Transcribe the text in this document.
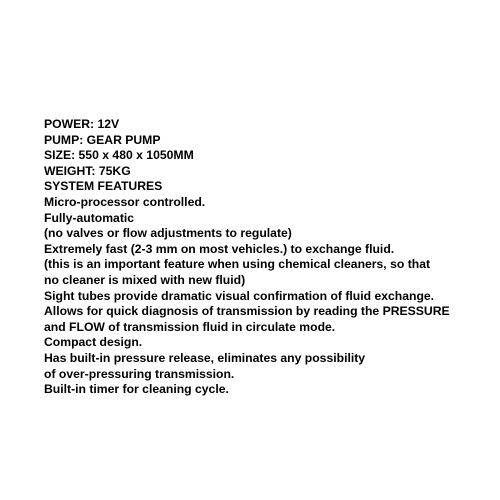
POWER: 12V
PUMP: GEAR PUMP
SIZE: 550 x 480 x 1050MM
WEIGHT: 75KG
SYSTEM FEATURES
Micro-processor controlled.
Fully-automatic
(no valves or flow adjustments to regulate)
Extremely fast (2-3 mm on most vehicles.) to exchange fluid.
(this is an important feature when using chemical cleaners, so that
no cleaner is mixed with new fluid)
Sight tubes provide dramatic visual confirmation of fluid exchange.
Allows for quick diagnosis of transmission by reading the PRESSURE
and FLOW of transmission fluid in circulate mode.
Compact design.
Has built-in pressure release, eliminates any possibility
of over-pressuring transmission.
Built-in timer for cleaning cycle.
